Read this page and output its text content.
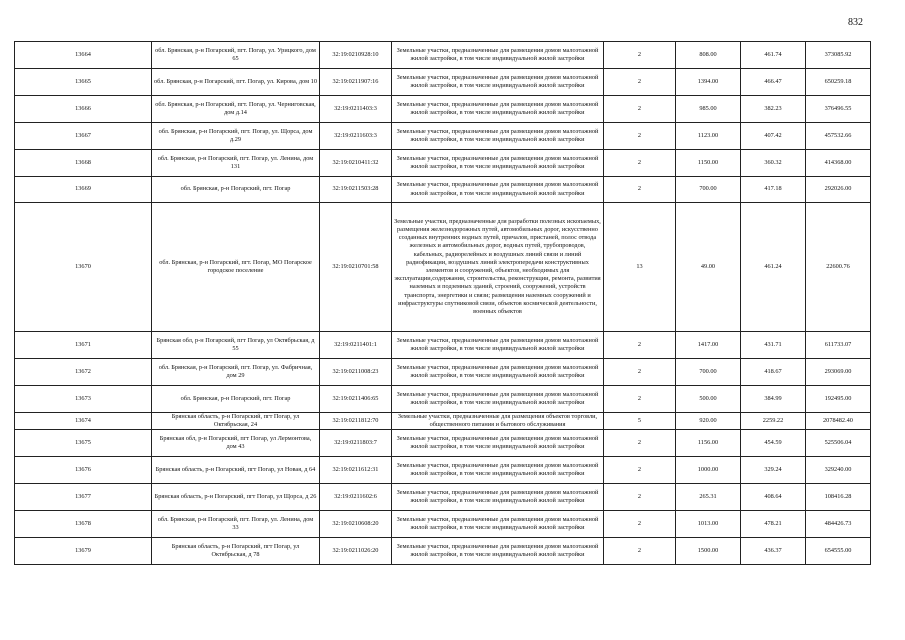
832
13664	обл. Брянская, р-н Погарский, пгт. Погар, ул. Урицкого, дом 65	32:19:0210928:10	Земельные участки, предназначенные для размещения домов малоэтажной жилой застройки, в том числе индивидуальной жилой застройки	2	808.00	461.74	373085.92
13665	обл. Брянская, р-н Погарский, пгт. Погар, ул. Кирова, дом 10	32:19:0211907:16	Земельные участки, предназначенные для размещения домов малоэтажной жилой застройки, в том числе индивидуальной жилой застройки	2	1394.00	466.47	650259.18
13666	обл. Брянская, р-н Погарский, пгт. Погар, ул. Черниговская, дом д.14	32:19:0211403:3	Земельные участки, предназначенные для размещения домов малоэтажной жилой застройки, в том числе индивидуальной жилой застройки	2	985.00	382.23	376496.55
13667	обл. Брянская, р-н Погарский, пгт. Погар, ул. Щорса, дом д.29	32:19:0211603:3	Земельные участки, предназначенные для размещения домов малоэтажной жилой застройки, в том числе индивидуальной жилой застройки	2	1123.00	407.42	457532.66
13668	обл. Брянская, р-н Погарский, пгт. Погар, ул. Ленина, дом 131	32:19:0210411:32	Земельные участки, предназначенные для размещения домов малоэтажной жилой застройки, в том числе индивидуальной жилой застройки	2	1150.00	360.32	414368.00
13669	обл. Брянская, р-н Погарский, пгт. Погар	32:19:0211503:28	Земельные участки, предназначенные для размещения домов малоэтажной жилой застройки, в том числе индивидуальной жилой застройки	2	700.00	417.18	292026.00
13670	обл. Брянская, р-н Погарский, пгт. Погар, МО Погарское городское поселение	32:19:0210701:58	Земельные участки, предназначенные для разработки полезных ископаемых, размещения железнодорожных путей, автомобильных дорог, искусственно созданных внутренних водных путей, причалов, пристаней, полос отвода железных и автомобильных дорог, водных путей, трубопроводов, кабельных, радиорелейных и воздушных линий связи и линий радиофикации, воздушных линий электропередачи конструктивных элементов и сооружений, объектов, необходимых для эксплуатации,содержания, строительства, реконструкции, ремонта, развития наземных и подземных зданий, строений, сооружений, устройств транспорта, энергетики и связи; размещения наземных сооружений и инфраструктуры спутниковой связи, объектов космической деятельности, военных объектов	13	49.00	461.24	22600.76
13671	Брянская обл, р-н Погарский, пгт Погар, ул Октябрьская, д 55	32:19:0211401:1	Земельные участки, предназначенные для размещения домов малоэтажной жилой застройки, в том числе индивидуальной жилой застройки	2	1417.00	431.71	611733.07
13672	обл. Брянская, р-н Погарский, пгт. Погар, ул. Фабричная, дом 29	32:19:0211008:23	Земельные участки, предназначенные для размещения домов малоэтажной жилой застройки, в том числе индивидуальной жилой застройки	2	700.00	418.67	293069.00
13673	обл. Брянская, р-н Погарский, пгт. Погар	32:19:0211406:65	Земельные участки, предназначенные для размещения домов малоэтажной жилой застройки, в том числе индивидуальной жилой застройки	2	500.00	384.99	192495.00
13674	Брянская область, р-н Погарский, пгт Погар, ул Октябрьская, 24	32:19:0211812:70	Земельные участки, предназначенные для размещения объектов торговли, общественного питания и бытового обслуживания	5	920.00	2259.22	2078482.40
13675	Брянская обл, р-н Погарский, пгт Погар, ул Лермонтова, дом 43	32:19:0211803:7	Земельные участки, предназначенные для размещения домов малоэтажной жилой застройки, в том числе индивидуальной жилой застройки	2	1156.00	454.59	525506.04
13676	Брянская область, р-н Погарский, пгт Погар, ул Новая, д 64	32:19:0211612:31	Земельные участки, предназначенные для размещения домов малоэтажной жилой застройки, в том числе индивидуальной жилой застройки	2	1000.00	329.24	329240.00
13677	Брянская область, р-н Погарский, пгт Погар, ул Щорса, д 26	32:19:0211602:6	Земельные участки, предназначенные для размещения домов малоэтажной жилой застройки, в том числе индивидуальной жилой застройки	2	265.31	408.64	108416.28
13678	обл. Брянская, р-н Погарский, пгт. Погар, ул. Ленина, дом 33	32:19:0210608:20	Земельные участки, предназначенные для размещения домов малоэтажной жилой застройки, в том числе индивидуальной жилой застройки	2	1013.00	478.21	484426.73
13679	Брянская область, р-н Погарский, пгт Погар, ул Октябрьская, д 78	32:19:0211026:20	Земельные участки, предназначенные для размещения домов малоэтажной жилой застройки, в том числе индивидуальной жилой застройки	2	1500.00	436.37	654555.00
